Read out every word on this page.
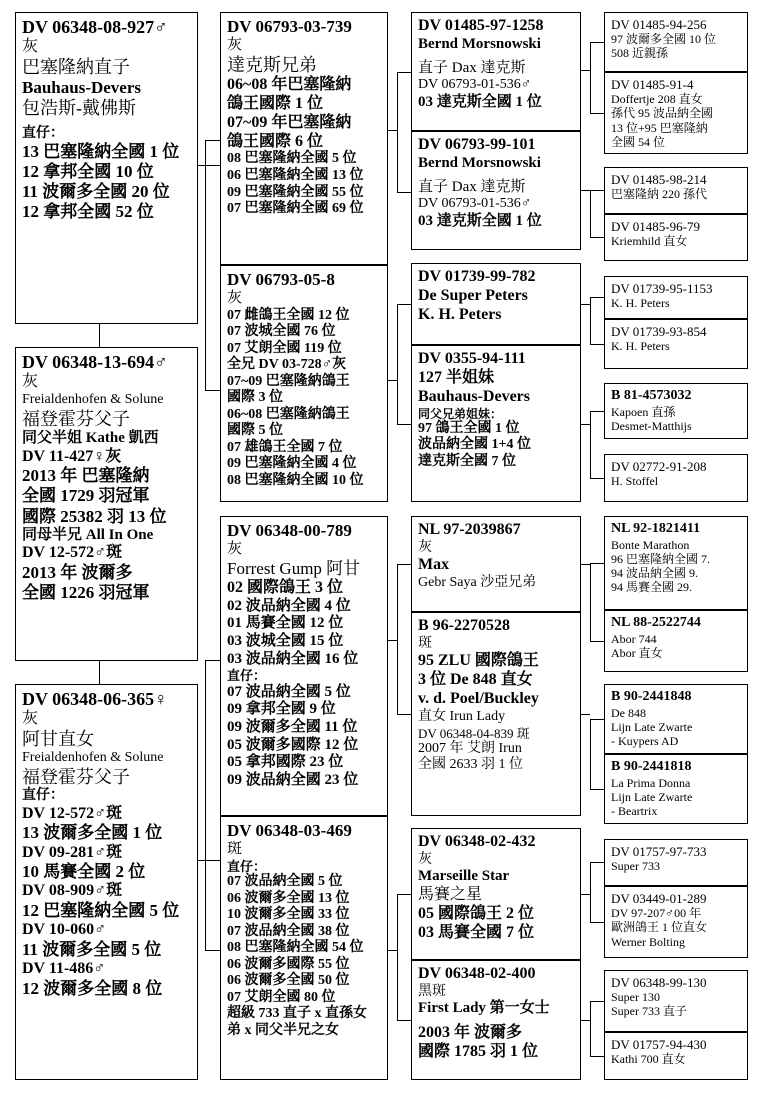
DV 06348-08-927♂
灰
巴塞隆納直子
Bauhaus-Devers
包浩斯-戴佛斯
直仔：
13 巴塞隆納全國 1 位
12 拿邦全國 10 位
11 波爾多全國 20 位
12 拿邦全國 52 位
DV 06348-13-694♂
灰
Freialdenhofen & Solune
福登霍芬父子
同父半姐 Kathe 凱西
DV 11-427♀灰
2013 年 巴塞隆納
全國 1729 羽冠軍
國際 25382 羽 13 位
同母半兄 All In One
DV 12-572♂斑
2013 年 波爾多
全國 1226 羽冠軍
DV 06348-06-365♀
灰
阿甘直女
Freialdenhofen & Solune
福登霍芬父子
直仔：
DV 12-572♂斑
13 波爾多全國 1 位
DV 09-281♂斑
10 馬賽全國 2 位
DV 08-909♂斑
12 巴塞隆納全國 5 位
DV 10-060♂
11 波爾多全國 5 位
DV 11-486♂
12 波爾多全國 8 位
DV 06793-03-739
灰
達克斯兄弟
06~08 年巴塞隆納
鴿王國際 1 位
07~09 年巴塞隆納
鴿王國際 6 位
08 巴塞隆納全國 5 位
06 巴塞隆納全國 13 位
09 巴塞隆納全國 55 位
07 巴塞隆納全國 69 位
DV 06793-05-8
灰
07 雌鴿王全國 12 位
07 波城全國 76 位
07 艾朗全國 119 位
全兄 DV 03-728♂灰
07~09 巴塞隆納鴿王
國際 3 位
06~08 巴塞隆納鴿王
國際 5 位
07 雄鴿王全國 7 位
09 巴塞隆納全國 4 位
08 巴塞隆納全國 10 位
DV 06348-00-789
灰
Forrest Gump 阿甘
02 國際鴿王 3 位
02 波品納全國 4 位
01 馬賽全國 12 位
03 波城全國 15 位
03 波品納全國 16 位
直仔：
07 波品納全國 5 位
09 拿邦全國 9 位
09 波爾多全國 11 位
05 波爾多國際 12 位
05 拿邦國際 23 位
09 波品納全國 23 位
DV 06348-03-469
斑
直仔：
07 波品納全國 5 位
06 波爾多全國 13 位
10 波爾多全國 33 位
07 波品納全國 38 位
08 巴塞隆納全國 54 位
06 波爾多國際 55 位
06 波爾多全國 50 位
07 艾朗全國 80 位
超級 733 直子 x 直孫女
弟 x 同父半兄之女
DV 01485-97-1258
Bernd Morsnowski
直子 Dax 達克斯
DV 06793-01-536♂
03 達克斯全國 1 位
DV 06793-99-101
Bernd Morsnowski
直子 Dax 達克斯
DV 06793-01-536♂
03 達克斯全國 1 位
DV 01739-99-782
De Super Peters
K. H. Peters
DV 0355-94-111
127 半姐妹
Bauhaus-Devers
同父兄弟姐妹：
97 鴿王全國 1 位
波品納全國 1+4 位
達克斯全國 7 位
NL 97-2039867
灰
Max
Gebr Saya 沙亞兄弟
B 96-2270528
斑
95 ZLU 國際鴿王
3 位 De 848 直女
v. d. Poel/Buckley
直女 Irun Lady
DV 06348-04-839 斑
2007 年 艾朗 Irun
全國 2633 羽 1 位
DV 06348-02-432
灰
Marseille Star
馬賽之星
05 國際鴿王 2 位
03 馬賽全國 7 位
DV 06348-02-400
黑斑
First Lady 第一女士
2003 年 波爾多
國際 1785 羽 1 位
DV 01485-94-256
97 波爾多全國 10 位
508 近親孫
DV 01485-91-4
Doffertje 208 直女
孫代 95 波品納全國
13 位+95 巴塞隆納
全國 54 位
DV 01485-98-214
巴塞隆納 220 孫代
DV 01485-96-79
Kriemhild 直女
DV 01739-95-1153
K. H. Peters
DV 01739-93-854
K. H. Peters
B 81-4573032
Kapoen 直孫
Desmet-Matthijs
DV 02772-91-208
H. Stoffel
NL 92-1821411
Bonte Marathon
96 巴塞隆納全國 7.
94 波品納全國 9.
94 馬賽全國 29.
NL 88-2522744
Abor 744
Abor 直女
B 90-2441848
De 848
Lijn Late Zwarte
- Kuypers AD
B 90-2441818
La Prima Donna
Lijn Late Zwarte
- Beartrix
DV 01757-97-733
Super 733
DV 03449-01-289
DV 97-207♂00 年
歐洲鴿王 1 位直女
Werner Bolting
DV 06348-99-130
Super 130
Super 733 直子
DV 01757-94-430
Kathi 700 直女
